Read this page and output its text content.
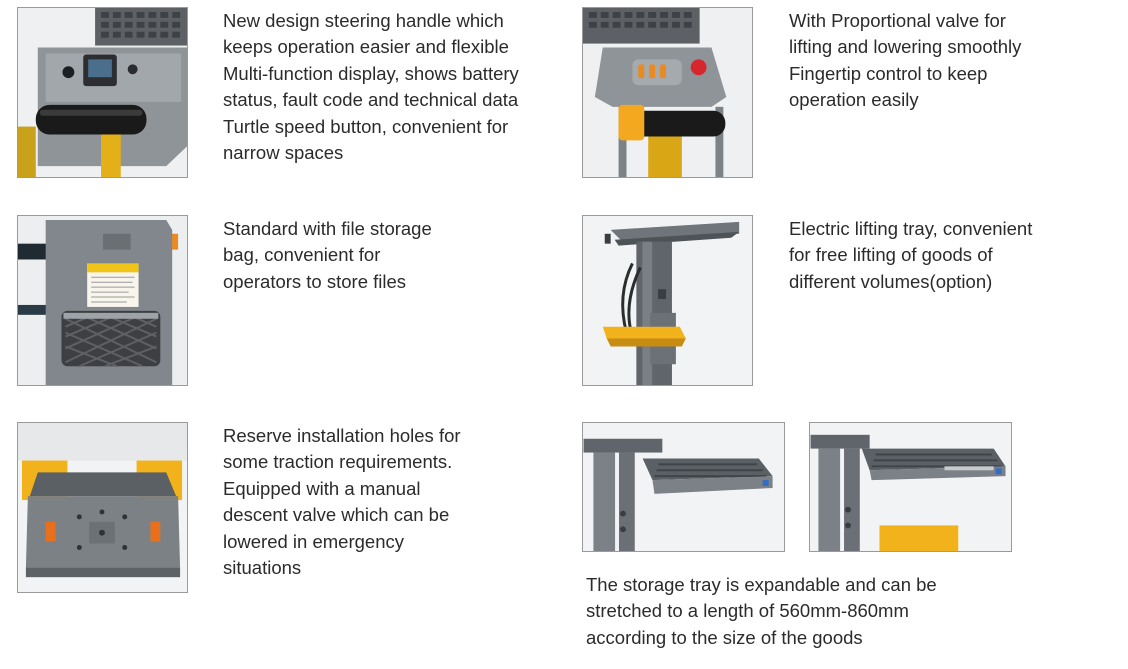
New design steering handle which
keeps operation easier and flexible
Multi-function display, shows battery
status, fault code and technical data
Turtle speed button, convenient for
narrow spaces

With Proportional valve for
lifting and lowering smoothly
Fingertip control to keep
operation easily

Standard with file storage
bag, convenient for
operators to store files

Electric lifting tray, convenient
for free lifting of goods of
different volumes(option)

Reserve installation holes for
some traction requirements.
Equipped with a manual
descent valve which can be
lowered in emergency
situations

The storage tray is expandable and can be
stretched to a length of 560mm-860mm
according to the size of the goods
